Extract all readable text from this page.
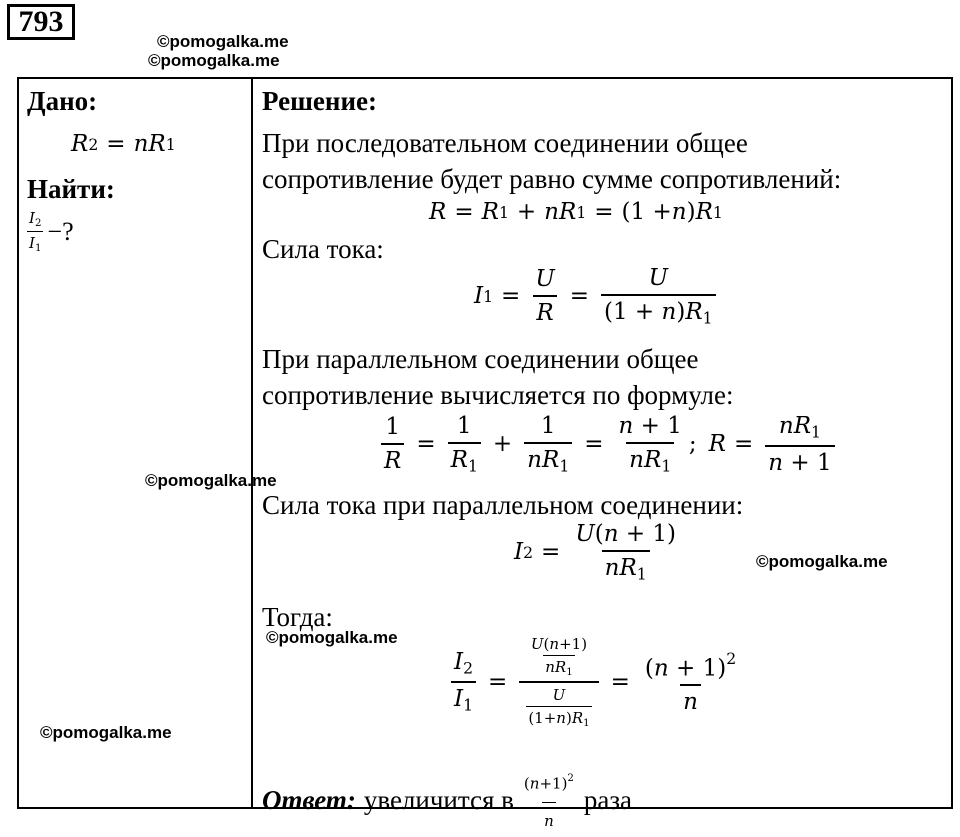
793
©pomogalka.me
©pomogalka.me
Дано:
R 2 = nR 1
Найти:
$\frac{I_2}{I_1}$ −?
Решение:
При последовательном соединении общее
сопротивление будет равно сумме сопротивлений:
R = R 1 + nR 1 = (1 + n ) R 1
Сила тока:
I $1 = \frac{U}{R} = \frac{U}{(1 + n)R_1}$
При параллельном соединении общее
сопротивление вычисляется по формуле:
$\frac{1}{R} = \frac{1}{R_1} + \frac{1}{nR_1} = \frac{n + 1}{nR_1}$ ; $R = \frac{nR_1}{n + 1}$
Сила тока при параллельном соединении:
I $2 = \frac{U(n + 1)}{nR_1}$
Тогда:
$\frac{I_2}{I_1} = \frac{\frac{U(n+1)}{nR_1}}{\frac{U}{(1+n)R_1}} = \frac{(n + 1)^2}{n}$
Ответ: увеличится в $\frac{(n+1)^2}{n}$ раза
©pomogalka.me
©pomogalka.me
©pomogalka.me
©pomogalka.me
